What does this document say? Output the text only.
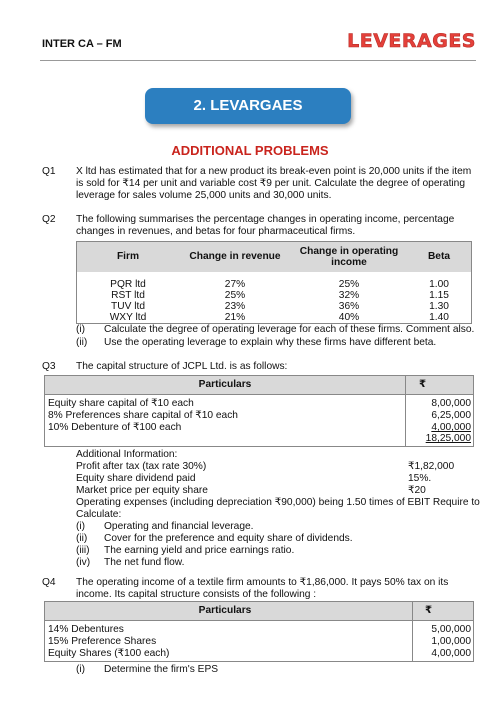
INTER CA – FM	LEVERAGES
2. LEVARGAES
ADDITIONAL PROBLEMS
Q1 X ltd has estimated that for a new product its break-even point is 20,000 units if the item is sold for ₹14 per unit and variable cost ₹9 per unit. Calculate the degree of operating leverage for sales volume 25,000 units and 30,000 units.
Q2 The following summarises the percentage changes in operating income, percentage changes in revenues, and betas for four pharmaceutical firms.
Firm	Change in revenue	Change in operating income	Beta

PQR ltd	27%	25%	1.00
RST ltd	25%	32%	1.15
TUV ltd	23%	36%	1.30
WXY ltd	21%	40%	1.40
(i) Calculate the degree of operating leverage for each of these firms. Comment also.
(ii) Use the operating leverage to explain why these firms have different beta.
Q3 The capital structure of JCPL Ltd. is as follows:
Particulars	₹
Equity share capital of ₹10 each	8,00,000
8% Preferences share capital of ₹10 each	6,25,000
10% Debenture of ₹100 each	4,00,000
18,25,000
Additional Information:
Profit after tax (tax rate 30%)	₹1,82,000
Equity share dividend paid	15%.
Market price per equity share	₹20
Operating expenses (including depreciation ₹90,000) being 1.50 times of EBIT Require to
Calculate:
(i) Operating and financial leverage.
(ii) Cover for the preference and equity share of dividends.
(iii) The earning yield and price earnings ratio.
(iv) The net fund flow.
Q4 The operating income of a textile firm amounts to ₹1,86,000. It pays 50% tax on its income. Its capital structure consists of the following :
Particulars	₹
14% Debentures	5,00,000
15% Preference Shares	1,00,000
Equity Shares (₹100 each)	4,00,000
(i) Determine the firm's EPS
